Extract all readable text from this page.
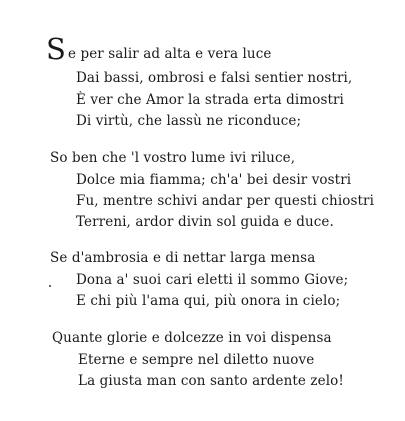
S e per salir ad alta e vera luce
Dai bassi, ombrosi e falsi sentier nostri,
È ver che Amor la strada erta dimostri
Di virtù, che lassù ne riconduce;
So ben che 'l vostro lume ivi riluce,
Dolce mia fiamma; ch'a' bei desir vostri
Fu, mentre schivi andar per questi chiostri
Terreni, ardor divin sol guida e duce.
Se d'ambrosia e di nettar larga mensa
Dona a' suoi cari eletti il sommo Giove;
E chi più l'ama qui, più onora in cielo;
Quante glorie e dolcezze in voi dispensa
Eterne e sempre nel diletto nuove
La giusta man con santo ardente zelo!
